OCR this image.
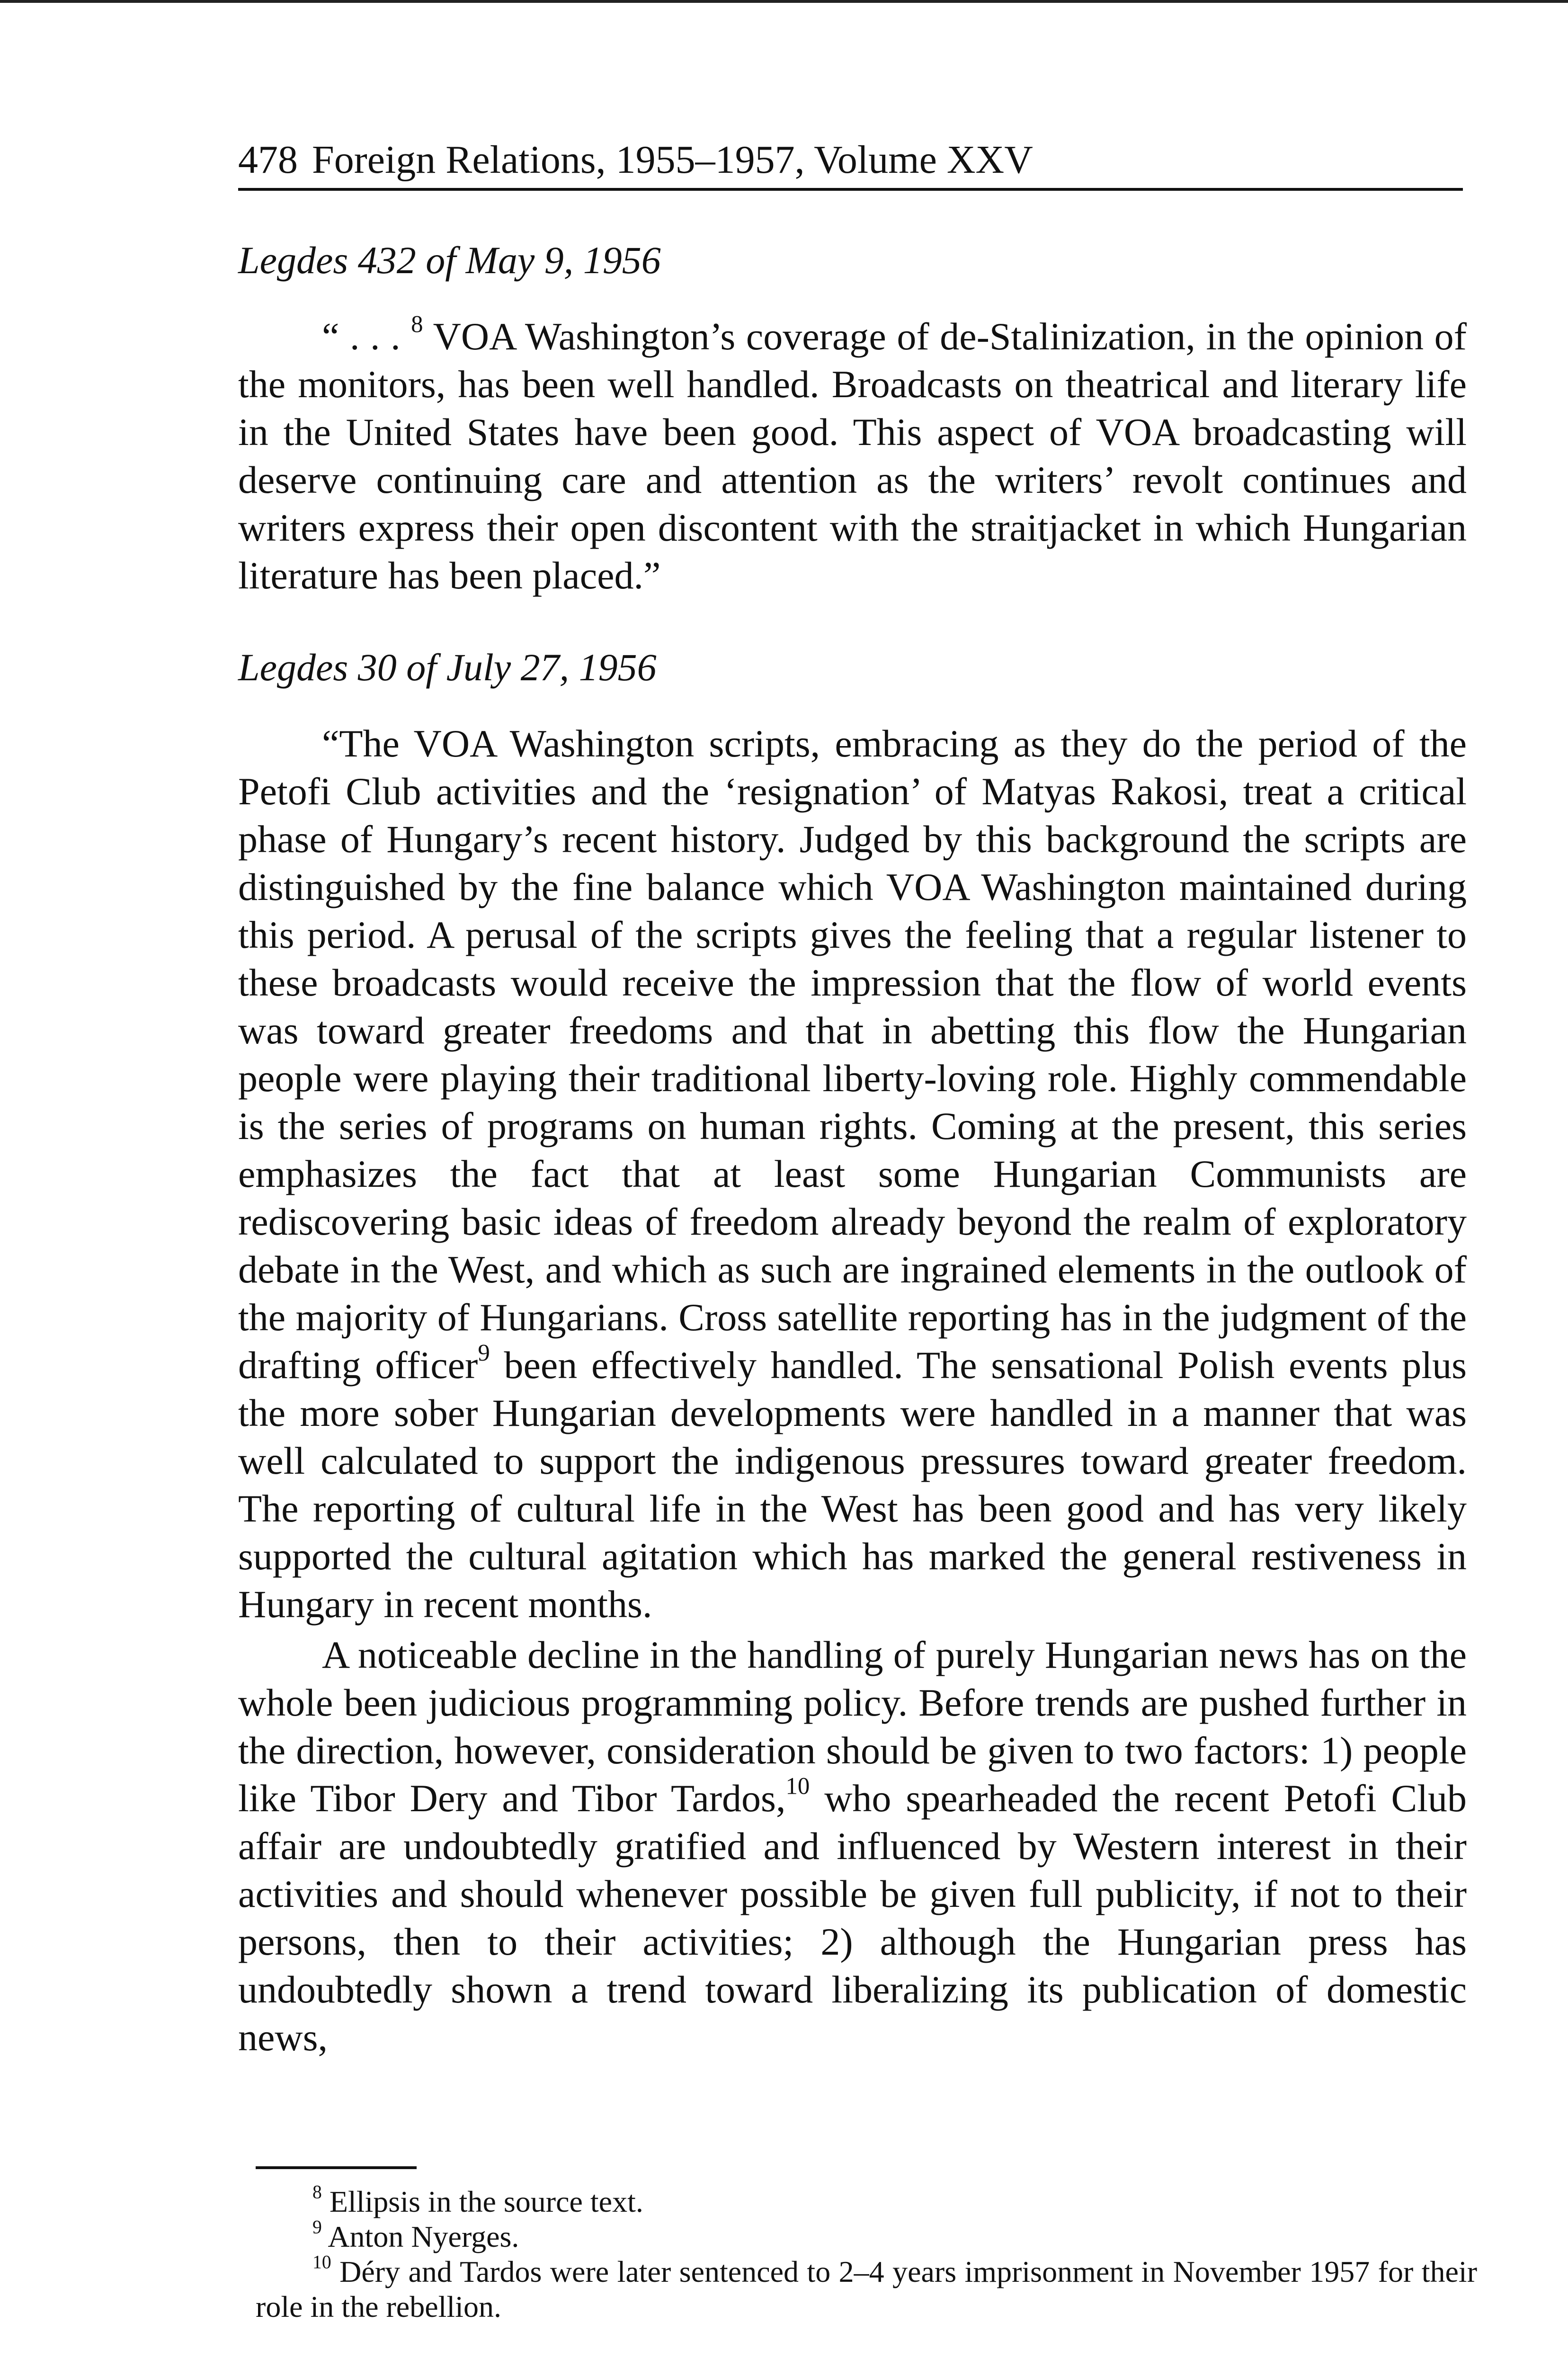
478 Foreign Relations, 1955–1957, Volume XXV
Legdes 432 of May 9, 1956

“ . . . $^8$ VOA Washington’s coverage of de-Stalinization, in the opinion of the monitors, has been well handled. Broadcasts on theatrical and literary life in the United States have been good. This aspect of VOA broadcasting will deserve continuing care and attention as the writers’ revolt continues and writers express their open discontent with the straitjacket in which Hungarian literature has been placed.”

Legdes 30 of July 27, 1956

“The VOA Washington scripts, embracing as they do the period of the Petofi Club activities and the ‘resignation’ of Matyas Rakosi, treat a critical phase of Hungary’s recent history. Judged by this background the scripts are distinguished by the fine balance which VOA Washington maintained during this period. A perusal of the scripts gives the feeling that a regular listener to these broadcasts would receive the impression that the flow of world events was toward greater freedoms and that in abetting this flow the Hungarian people were playing their traditional liberty-loving role. Highly commendable is the series of programs on human rights. Coming at the present, this series emphasizes the fact that at least some Hungarian Communists are rediscovering basic ideas of freedom already beyond the realm of exploratory debate in the West, and which as such are ingrained elements in the outlook of the majority of Hungarians. Cross satellite reporting has in the judgment of the drafting officer$^9$ been effectively handled. The sensational Polish events plus the more sober Hungarian developments were handled in a manner that was well calculated to support the indigenous pressures toward greater freedom. The reporting of cultural life in the West has been good and has very likely supported the cultural agitation which has marked the general restiveness in Hungary in recent months.

A noticeable decline in the handling of purely Hungarian news has on the whole been judicious programming policy. Before trends are pushed further in the direction, however, consideration should be given to two factors: 1) people like Tibor Dery and Tibor Tardos,$^{10}$ who spearheaded the recent Petofi Club affair are undoubtedly gratified and influenced by Western interest in their activities and should whenever possible be given full publicity, if not to their persons, then to their activities; 2) although the Hungarian press has undoubtedly shown a trend toward liberalizing its publication of domestic news,

$^8$ Ellipsis in the source text.

$^9$ Anton Nyerges.

$^{10}$ Déry and Tardos were later sentenced to 2–4 years imprisonment in November 1957 for their role in the rebellion.
